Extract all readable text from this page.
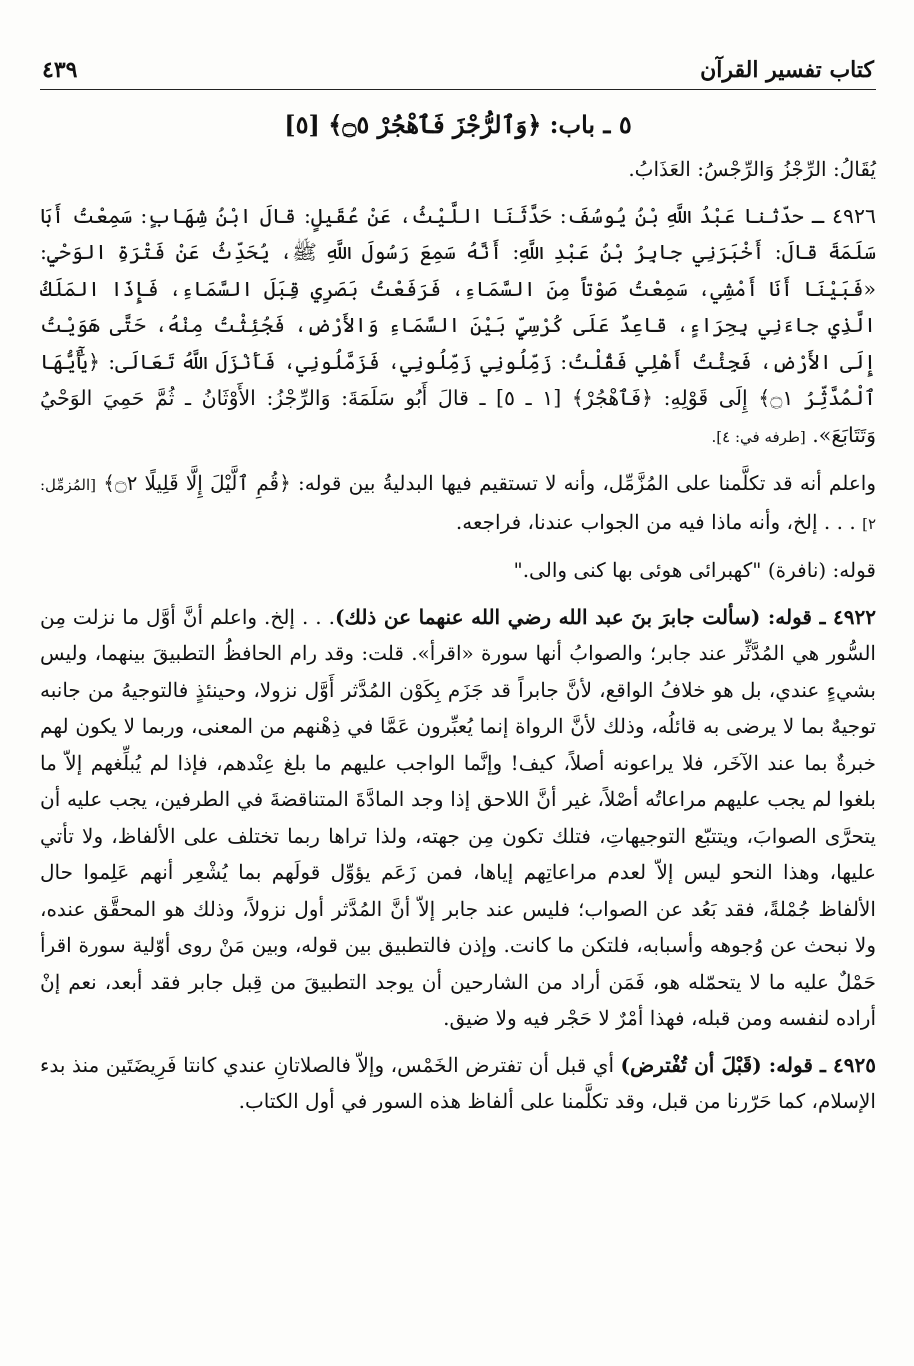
كتاب تفسير القرآن
٤٣٩
٥ ـ باب: ﴿وَٱلرُّجْزَ فَٱهْجُرْ ۝٥﴾ [٥]

يُقَالُ: الرِّجْزُ وَالرِّجْسُ: العَذَابُ.

٤٩٢٦ ـ حدّثنا عَبْدُ اللَّهِ بْنُ يُوسُفَ: حَدَّثَنَا اللَّيْثُ، عَنْ عُقَيلٍ: قالَ ابْنُ شِهَابٍ: سَمِعْتُ أَبَا سَلَمَةَ قالَ: أَخْبَرَنِي جابِرُ بْنُ عَبْدِ اللَّهِ: أَنَّهُ سَمِعَ رَسُولَ اللَّهِ ﷺ، يُحَدِّثُ عَنْ فَتْرَةِ الوَحْيِ: «فَبَيْنَا أَنَا أَمْشِي، سَمِعْتُ صَوْتاً مِنَ السَّمَاءِ، فَرَفَعْتُ بَصَرِي قِبَلَ السَّمَاءِ، فَإِذَا المَلَكُ الَّذِي جاءَنِي بِحِرَاءٍ، قاعِدٌ عَلَى كُرْسِيٍّ بَيْنَ السَّمَاءِ وَالأَرْضِ، فَجُئِثْتُ مِنْهُ، حَتَّى هَوَيْتُ إِلَى الأَرْضِ، فَجِئْتُ أَهْلِي فَقُلْتُ: زَمِّلُونِي زَمِّلُونِي، فَزَمَّلُونِي، فَأَنْزَلَ اللَّهُ تَعَالَى: ﴿يَٰٓأَيُّهَا ٱلْمُدَّثِّرُ ۝١﴾ إِلَى قَوْلِهِ: ﴿فَٱهْجُرْ﴾ [١ ـ ٥] ـ قالَ أَبُو سَلَمَةَ: وَالرِّجْزُ: الأَوْثَانُ ـ ثُمَّ حَمِيَ الوَحْيُ وَتَتَابَعَ». [طرفه في: ٤].

واعلم أنه قد تكلَّمنا على المُزَّمِّل، وأنه لا تستقيم فيها البدليةُ بين قوله: ﴿قُمِ ٱلَّيْلَ إِلَّا قَلِيلًا ۝٢﴾ [المُزمِّل: ٢] . . . إلخ، وأنه ماذا فيه من الجواب عندنا، فراجعه.

قوله: (نافرة) "كهبرائى هوئى بها كنى والى."

٤٩٢٢ ـ قوله: (سألت جابرَ بنَ عبد الله رضي الله عنهما عن ذلك). . . إلخ. واعلم أنَّ أوَّل ما نزلت مِن السُّور هي المُدَّثِّر عند جابر؛ والصوابُ أنها سورة «اقرأ». قلت: وقد رام الحافظُ التطبيقَ بينهما، وليس بشيءٍ عندي، بل هو خلافُ الواقع، لأنَّ جابراً قد جَزَم بِكَوْن المُدَّثر أَوَّل نزولا، وحينئذٍ فالتوجيهُ من جانبه توجيهٌ بما لا يرضى به قائلُه، وذلك لأنَّ الرواة إنما يُعبِّرون عَمَّا في ذِهْنهم من المعنى، وربما لا يكون لهم خبرةٌ بما عند الآخَر، فلا يراعونه أصلاً، كيف! وإنَّما الواجب عليهم ما بلغ عِنْدهم، فإذا لم يُبلِّغهم إلاّ ما بلغوا لم يجب عليهم مراعاتُه أصْلاً، غير أنَّ اللاحق إذا وجد المادَّةَ المتناقضةَ في الطرفين، يجب عليه أن يتحرَّى الصوابَ، ويتتبّع التوجيهاتِ، فتلك تكون مِن جهته، ولذا تراها ربما تختلف على الألفاظ، ولا تأتي عليها، وهذا النحو ليس إلاّ لعدم مراعاتِهم إياها، فمن زَعَم يؤوِّل قولَهم بما يُشْعِر أنهم عَلِموا حال الألفاظ جُمْلةً، فقد بَعُد عن الصواب؛ فليس عند جابر إلاّ أنَّ المُدَّثر أول نزولاً، وذلك هو المحقَّق عنده، ولا نبحث عن وُجوهه وأسبابه، فلتكن ما كانت. وإذن فالتطبيق بين قوله، وبين مَنْ روى أوّلية سورة اقرأ حَمْلٌ عليه ما لا يتحمّله هو، فَمَن أراد من الشارحين أن يوجد التطبيقَ من قِبل جابر فقد أبعد، نعم إنْ أراده لنفسه ومن قبله، فهذا أمْرٌ لا حَجْر فيه ولا ضيق.

٤٩٢٥ ـ قوله: (قَبْلَ أن تُفْترض) أي قبل أن تفترض الخَمْس، وإلاّ فالصلاتانِ عندي كانتا فَرِيضَتَين منذ بدء الإسلام، كما حَرّرنا من قبل، وقد تكلَّمنا على ألفاظ هذه السور في أول الكتاب.
